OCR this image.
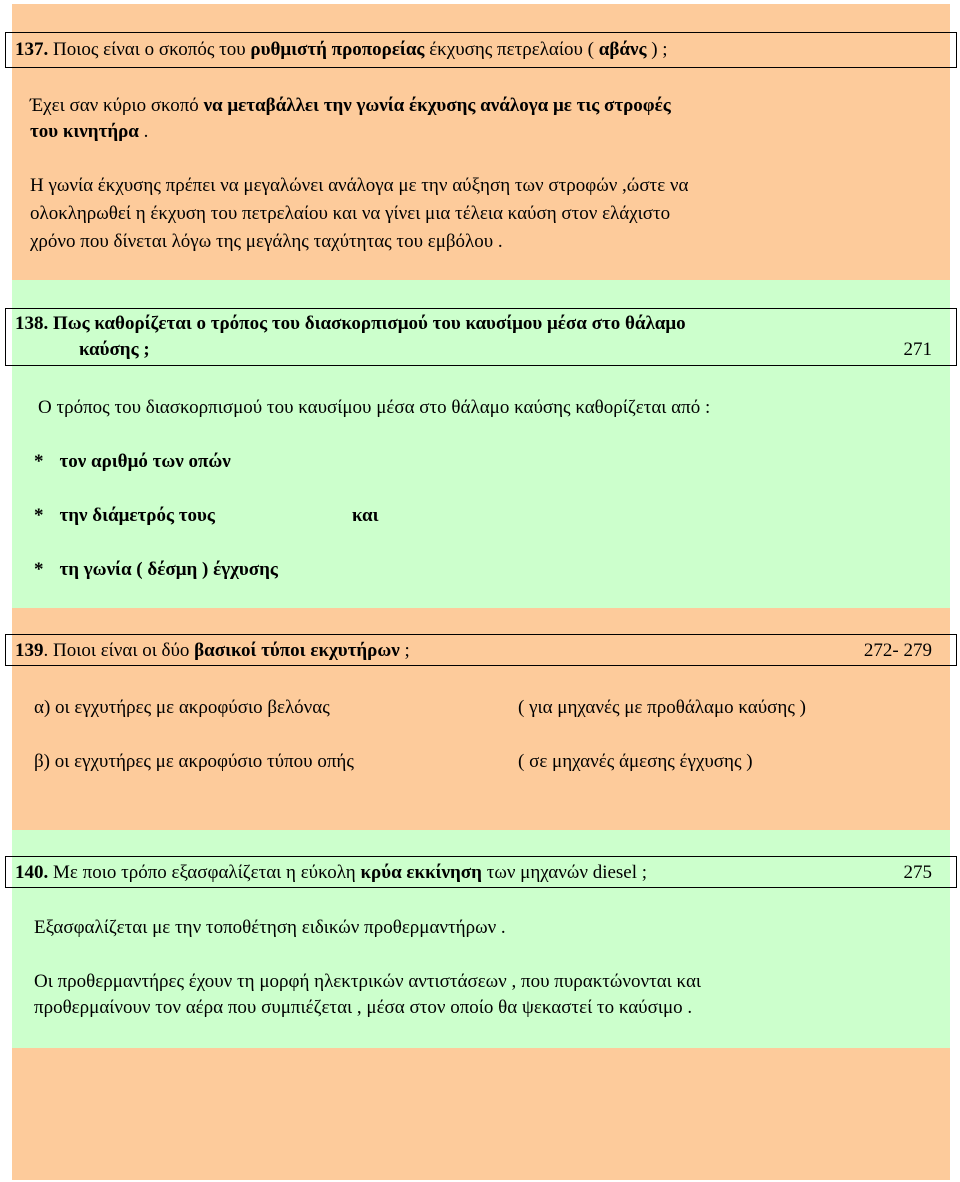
137. Ποιος είναι ο σκοπός του ρυθμιστή προπορείας έκχυσης πετρελαίου ( αβάνς ) ;
Έχει σαν κύριο σκοπό να μεταβάλλει την γωνία έκχυσης ανάλογα με τις στροφές
του κινητήρα .
Η γωνία έκχυσης πρέπει να μεγαλώνει ανάλογα με την αύξηση των στροφών ,ώστε να
ολοκληρωθεί η έκχυση του πετρελαίου και να γίνει μια τέλεια καύση στον ελάχιστο
χρόνο που δίνεται λόγω της μεγάλης ταχύτητας του εμβόλου .
138. Πως καθορίζεται ο τρόπος του διασκορπισμού του καυσίμου μέσα στο θάλαμο
καύσης ;	271
Ο τρόπος του διασκορπισμού του καυσίμου μέσα στο θάλαμο καύσης καθορίζεται από :
* τον αριθμό των οπών
* την διάμετρός τους	και
* τη γωνία ( δέσμη ) έγχυσης
139. Ποιοι είναι οι δύο βασικοί τύποι εκχυτήρων ;	272- 279
α) οι εγχυτήρες με ακροφύσιο βελόνας	( για μηχανές με προθάλαμο καύσης )
β) οι εγχυτήρες με ακροφύσιο τύπου οπής	( σε μηχανές άμεσης έγχυσης )
140. Με ποιο τρόπο εξασφαλίζεται η εύκολη κρύα εκκίνηση των μηχανών diesel ;	275
Εξασφαλίζεται με την τοποθέτηση ειδικών προθερμαντήρων .
Οι προθερμαντήρες έχουν τη μορφή ηλεκτρικών αντιστάσεων , που πυρακτώνονται και
προθερμαίνουν τον αέρα που συμπιέζεται , μέσα στον οποίο θα ψεκαστεί το καύσιμο .
